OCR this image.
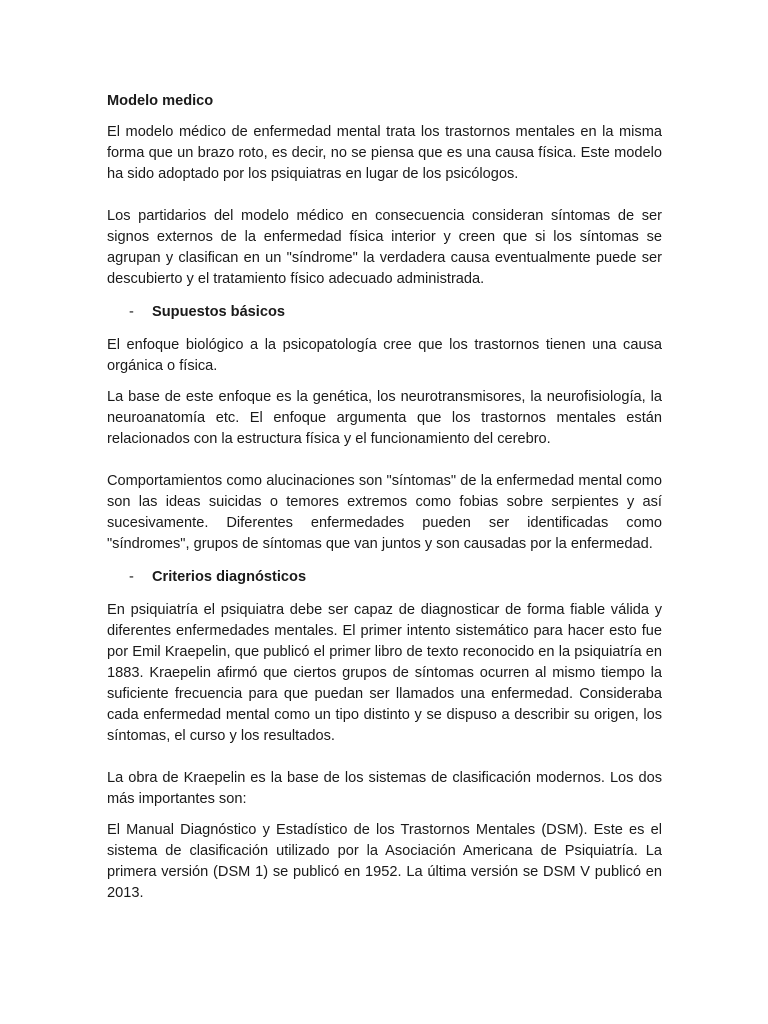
Modelo medico

El modelo médico de enfermedad mental trata los trastornos mentales en la misma forma que un brazo roto, es decir, no se piensa que es una causa física. Este modelo ha sido adoptado por los psiquiatras en lugar de los psicólogos.

Los partidarios del modelo médico en consecuencia consideran síntomas de ser signos externos de la enfermedad física interior y creen que si los síntomas se agrupan y clasifican en un "síndrome" la verdadera causa eventualmente puede ser descubierto y el tratamiento físico adecuado administrada.

-	Supuestos básicos

El enfoque biológico a la psicopatología cree que los trastornos tienen una causa orgánica o física.

La base de este enfoque es la genética, los neurotransmisores, la neurofisiología, la neuroanatomía etc. El enfoque argumenta que los trastornos mentales están relacionados con la estructura física y el funcionamiento del cerebro.

Comportamientos como alucinaciones son "síntomas" de la enfermedad mental como son las ideas suicidas o temores extremos como fobias sobre serpientes y así sucesivamente. Diferentes enfermedades pueden ser identificadas como "síndromes", grupos de síntomas que van juntos y son causadas por la enfermedad.

-	Criterios diagnósticos

En psiquiatría el psiquiatra debe ser capaz de diagnosticar de forma fiable válida y diferentes enfermedades mentales. El primer intento sistemático para hacer esto fue por Emil Kraepelin, que publicó el primer libro de texto reconocido en la psiquiatría en 1883. Kraepelin afirmó que ciertos grupos de síntomas ocurren al mismo tiempo la suficiente frecuencia para que puedan ser llamados una enfermedad. Consideraba cada enfermedad mental como un tipo distinto y se dispuso a describir su origen, los síntomas, el curso y los resultados.

La obra de Kraepelin es la base de los sistemas de clasificación modernos. Los dos más importantes son:

El Manual Diagnóstico y Estadístico de los Trastornos Mentales (DSM). Este es el sistema de clasificación utilizado por la Asociación Americana de Psiquiatría. La primera versión (DSM 1) se publicó en 1952. La última versión se DSM V publicó en 2013.
